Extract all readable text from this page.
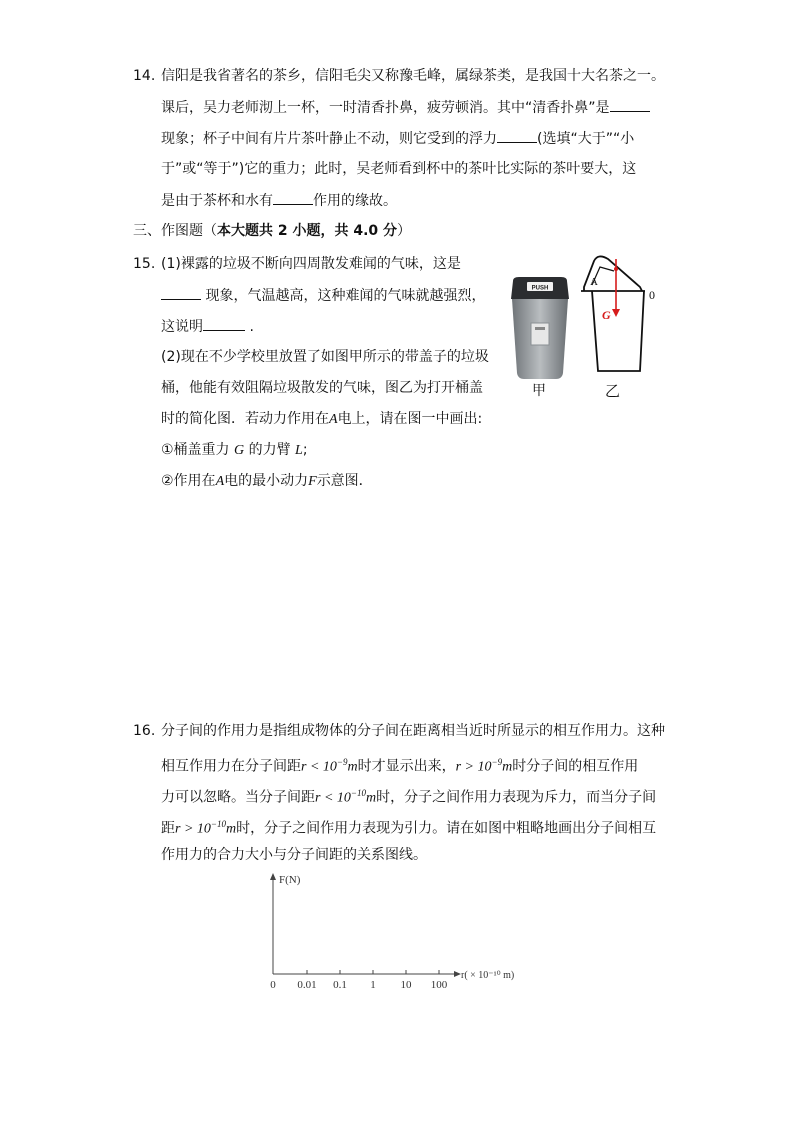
14. 信阳是我省著名的茶乡，信阳毛尖又称豫毛峰，属绿茶类，是我国十大名茶之一。
课后，吴力老师沏上一杯，一时清香扑鼻，疲劳顿消。其中“清香扑鼻”是
现象；杯子中间有片片茶叶静止不动，则它受到的浮力	(选填“大于”“小
于”或“等于”)它的重力；此时，吴老师看到杯中的茶叶比实际的茶叶要大，这
是由于茶杯和水有	作用的缘故。
三、作图题（本大题共 2 小题，共 4.0 分）
15. (1)裸露的垃圾不断向四周散发难闻的气味，这是
现象，气温越高，这种难闻的气味就越强烈，
这说明	.
(2)现在不少学校里放置了如图甲所示的带盖子的垃圾
桶，他能有效阻隔垃圾散发的气味，图乙为打开桶盖
时的简化图．若动力作用在A电上，请在图一中画出:
①桶盖重力 G 的力臂 L;
②作用在A电的最小动力F示意图．
PUSH
A
0
G
甲	乙
16. 分子间的作用力是指组成物体的分子间在距离相当近时所显示的相互作用力。这种
相互作用力在分子间距$r < 10^{-9}m$时才显示出来，$r > 10^{-9}m$时分子间的相互作用
力可以忽略。当分子间距$r < 10^{-10}m$时，分子之间作用力表现为斥力，而当分子间
距$r > 10^{-10}m$时，分子之间作用力表现为引力。请在如图中粗略地画出分子间相互
作用力的合力大小与分子间距的关系图线。
F(N)
r( × 10⁻¹⁰ m)
0 0.01 0.1 1 10 100
